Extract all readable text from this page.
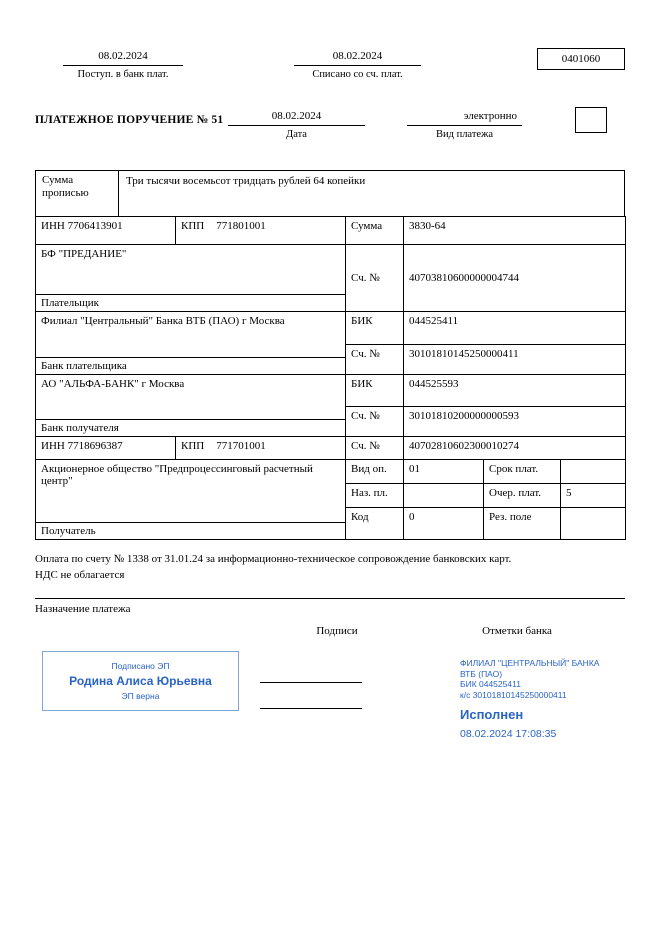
08.02.2024
Поступ. в банк плат.
08.02.2024
Списано со сч. плат.
0401060
ПЛАТЕЖНОЕ ПОРУЧЕНИЕ № 51	08.02.2024
Дата
электронно
Вид платежа
Сумма прописью
Три тысячи восемьсот тридцать рублей 64 копейки
ИНН 7706413901	КПП 771801001	Сумма	3830-64		

БФ "ПРЕДАНИЕ"
Плательщик		Сч. №	40703810600000004744		

Филиал "Центральный" Банка ВТБ (ПАО) г Москва
Банк плательщика		БИК	044525411		
		Сч. №	30101810145250000411		

АО "АЛЬФА-БАНК" г Москва
Банк получателя		БИК	044525593		
		Сч. №	30101810200000000593		
ИНН 7718696387	КПП 771701001	Сч. №	40702810602300010274		

Акционерное общество "Предпроцессинговый расчетный центр"
Получатель		Вид оп.	01	Срок плат.	
		Наз. пл.		Очер. плат.	5
		Код	0	Рез. поле	
Оплата по счету № 1338 от 31.01.24 за информационно-техническое сопровождение банковских карт.
НДС не облагается
Назначение платежа
Подписи	Отметки банка
Подписано ЭП
Родина Алиса Юрьевна
ЭП верна
ФИЛИАЛ "ЦЕНТРАЛЬНЫЙ" БАНКА
ВТБ (ПАО)
БИК 044525411
к/с 30101810145250000411
Исполнен
08.02.2024 17:08:35
